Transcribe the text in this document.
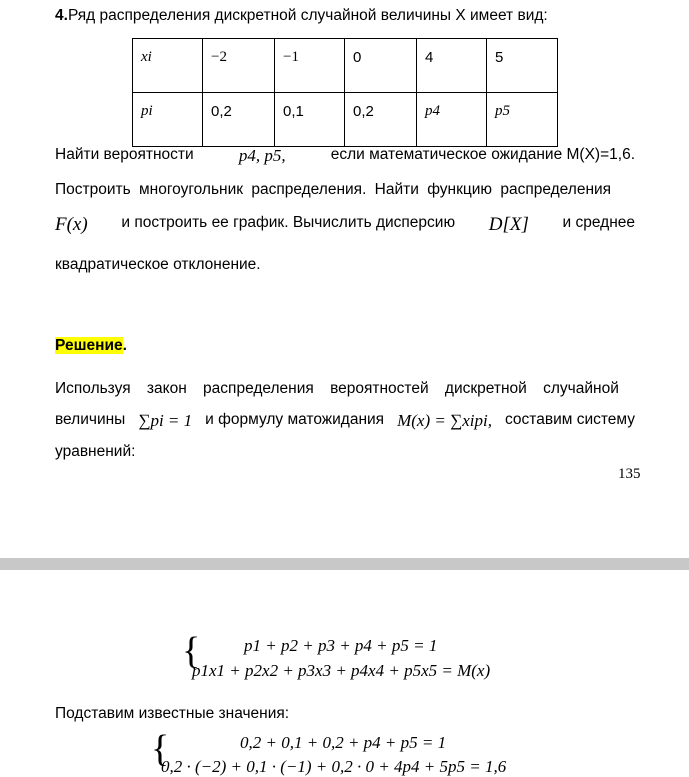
4.Ряд распределения дискретной случайной величины X имеет вид:
xi	−2	−1	0	4	5
pi	0,2	0,1	0,2	p4	p5
Найти вероятности	p4, p5,	если математическое ожидание M(X)=1,6.
Построить многоугольник распределения. Найти функцию распределения
F(x) и построить ее график. Вычислить дисперсию D[X] и среднее
квадратическое отклонение.
Решение.
Используя закон распределения вероятностей дискретной случайной
величины ∑pi = 1 и формулу матожидания M(x) = ∑xipi, составим систему
уравнений:
135
{	p1 + p2 + p3 + p4 + p5 = 1
p1x1 + p2x2 + p3x3 + p4x4 + p5x5 = M(x)
Подставим известные значения:
{	0,2 + 0,1 + 0,2 + p4 + p5 = 1
0,2 · (−2) + 0,1 · (−1) + 0,2 · 0 + 4p4 + 5p5 = 1,6
